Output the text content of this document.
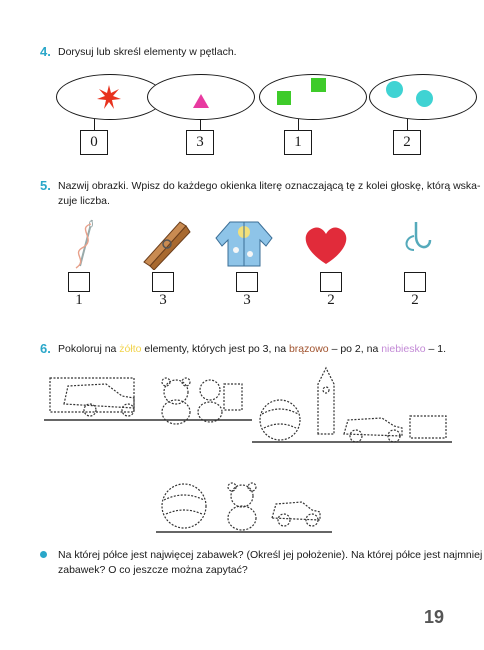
4. Dorysuj lub skreśl elementy w pętlach.
0	3	1	2
5. Nazwij obrazki. Wpisz do każdego okienka literę oznaczającą tę z kolei głoskę, którą wska-
zuje liczba.
1	3	3	2	2
6. Pokoloruj na żółto elementy, których jest po 3, na brązowo – po 2, na niebiesko – 1.
Na której półce jest najwięcej zabawek? (Określ jej położenie). Na której półce jest najmniej
zabawek? O co jeszcze można zapytać?
19
